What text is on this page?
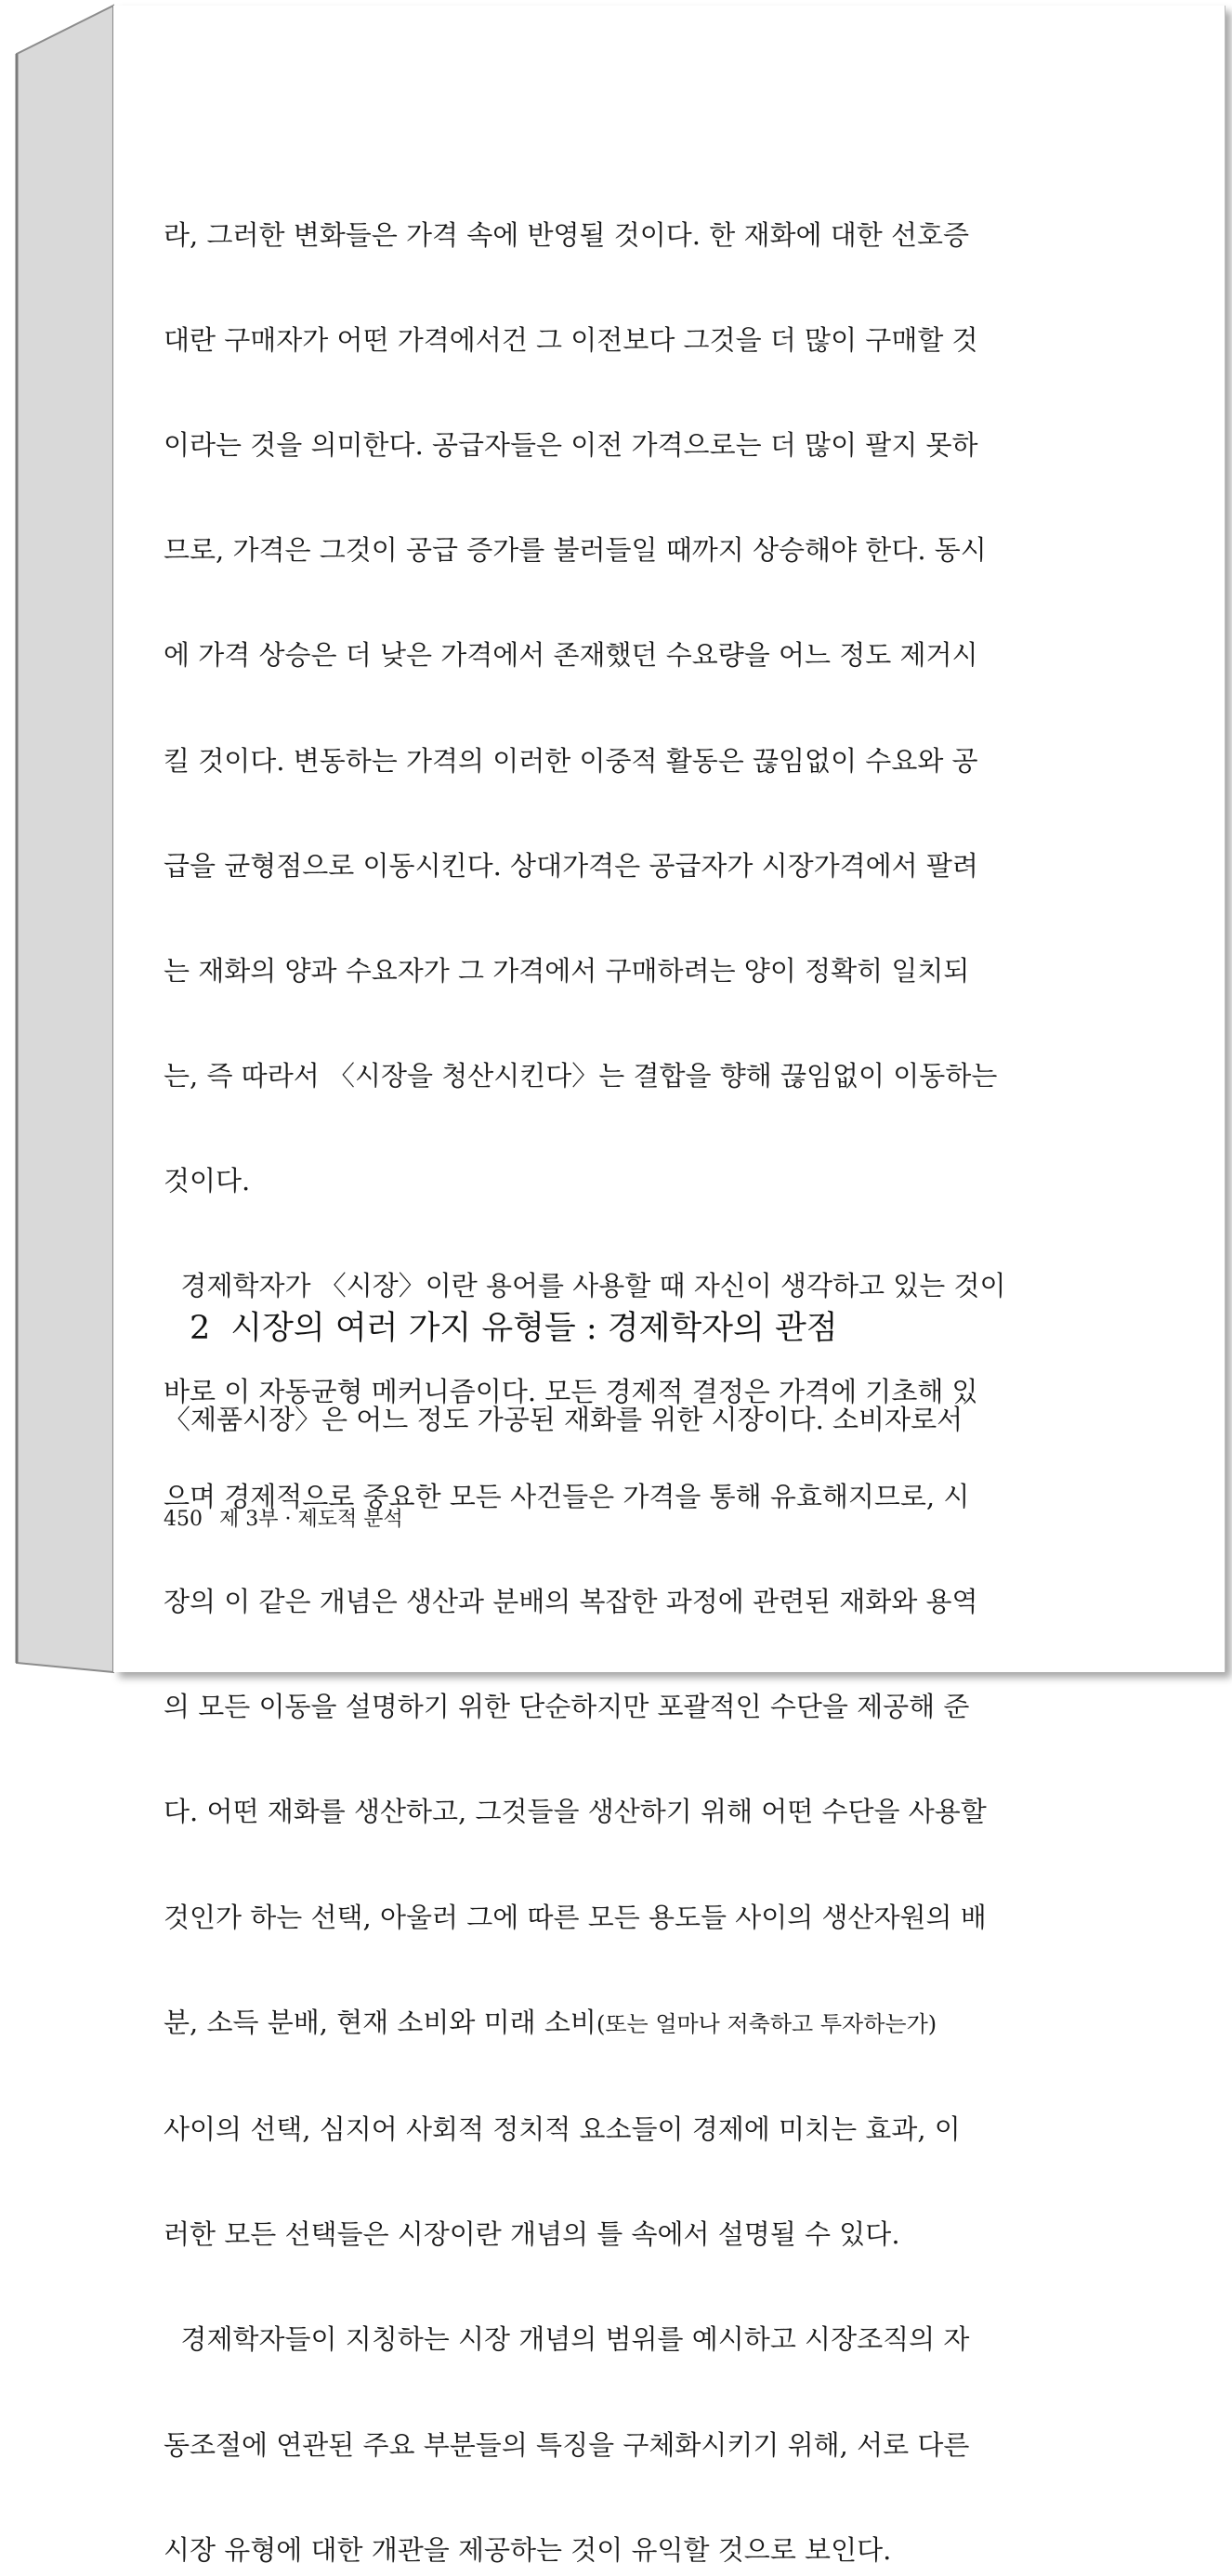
라, 그러한 변화들은 가격 속에 반영될 것이다. 한 재화에 대한 선호증

대란 구매자가 어떤 가격에서건 그 이전보다 그것을 더 많이 구매할 것

이라는 것을 의미한다. 공급자들은 이전 가격으로는 더 많이 팔지 못하

므로, 가격은 그것이 공급 증가를 불러들일 때까지 상승해야 한다. 동시

에 가격 상승은 더 낮은 가격에서 존재했던 수요량을 어느 정도 제거시

킬 것이다. 변동하는 가격의 이러한 이중적 활동은 끊임없이 수요와 공

급을 균형점으로 이동시킨다. 상대가격은 공급자가 시장가격에서 팔려

는 재화의 양과 수요자가 그 가격에서 구매하려는 양이 정확히 일치되

는, 즉 따라서 〈시장을 청산시킨다〉는 결합을 향해 끊임없이 이동하는

것이다.

경제학자가 〈시장〉이란 용어를 사용할 때 자신이 생각하고 있는 것이

바로 이 자동균형 메커니즘이다. 모든 경제적 결정은 가격에 기초해 있

으며 경제적으로 중요한 모든 사건들은 가격을 통해 유효해지므로, 시

장의 이 같은 개념은 생산과 분배의 복잡한 과정에 관련된 재화와 용역

의 모든 이동을 설명하기 위한 단순하지만 포괄적인 수단을 제공해 준

다. 어떤 재화를 생산하고, 그것들을 생산하기 위해 어떤 수단을 사용할

것인가 하는 선택, 아울러 그에 따른 모든 용도들 사이의 생산자원의 배

분, 소득 분배, 현재 소비와 미래 소비(또는 얼마나 저축하고 투자하는가)

사이의 선택, 심지어 사회적 정치적 요소들이 경제에 미치는 효과, 이

러한 모든 선택들은 시장이란 개념의 틀 속에서 설명될 수 있다.

경제학자들이 지칭하는 시장 개념의 범위를 예시하고 시장조직의 자

동조절에 연관된 주요 부분들의 특징을 구체화시키기 위해, 서로 다른

시장 유형에 대한 개관을 제공하는 것이 유익할 것으로 보인다.

2 시장의 여러 가지 유형들 : 경제학자의 관점

〈제품시장〉은 어느 정도 가공된 재화를 위한 시장이다. 소비자로서

450 제 3부 · 제도적 분석
